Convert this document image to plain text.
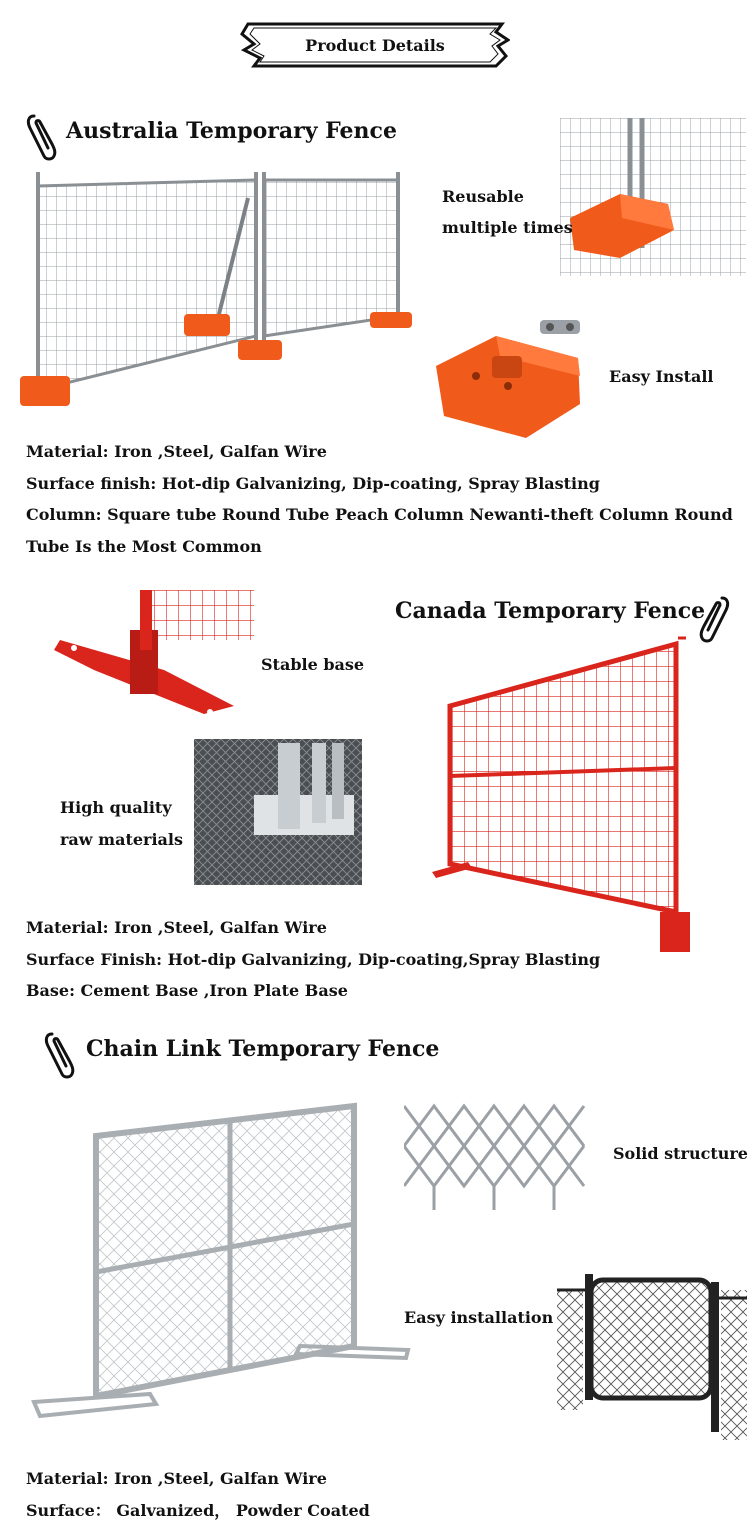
Product Details
Australia Temporary Fence
Reusable
multiple times
Easy Install
Material: Iron ,Steel, Galfan Wire
Surface finish: Hot-dip Galvanizing, Dip-coating, Spray Blasting
Column: Square tube Round Tube Peach Column Newanti-theft Column Round
Tube Is the Most Common
Stable base
Canada Temporary Fence
High quality
raw materials
Material: Iron ,Steel, Galfan Wire
Surface Finish: Hot-dip Galvanizing, Dip-coating,Spray Blasting
Base: Cement Base ,Iron Plate Base
Chain Link Temporary Fence
Solid structure
Easy installation
Material: Iron ,Steel, Galfan Wire
Surface： Galvanized， Powder Coated
